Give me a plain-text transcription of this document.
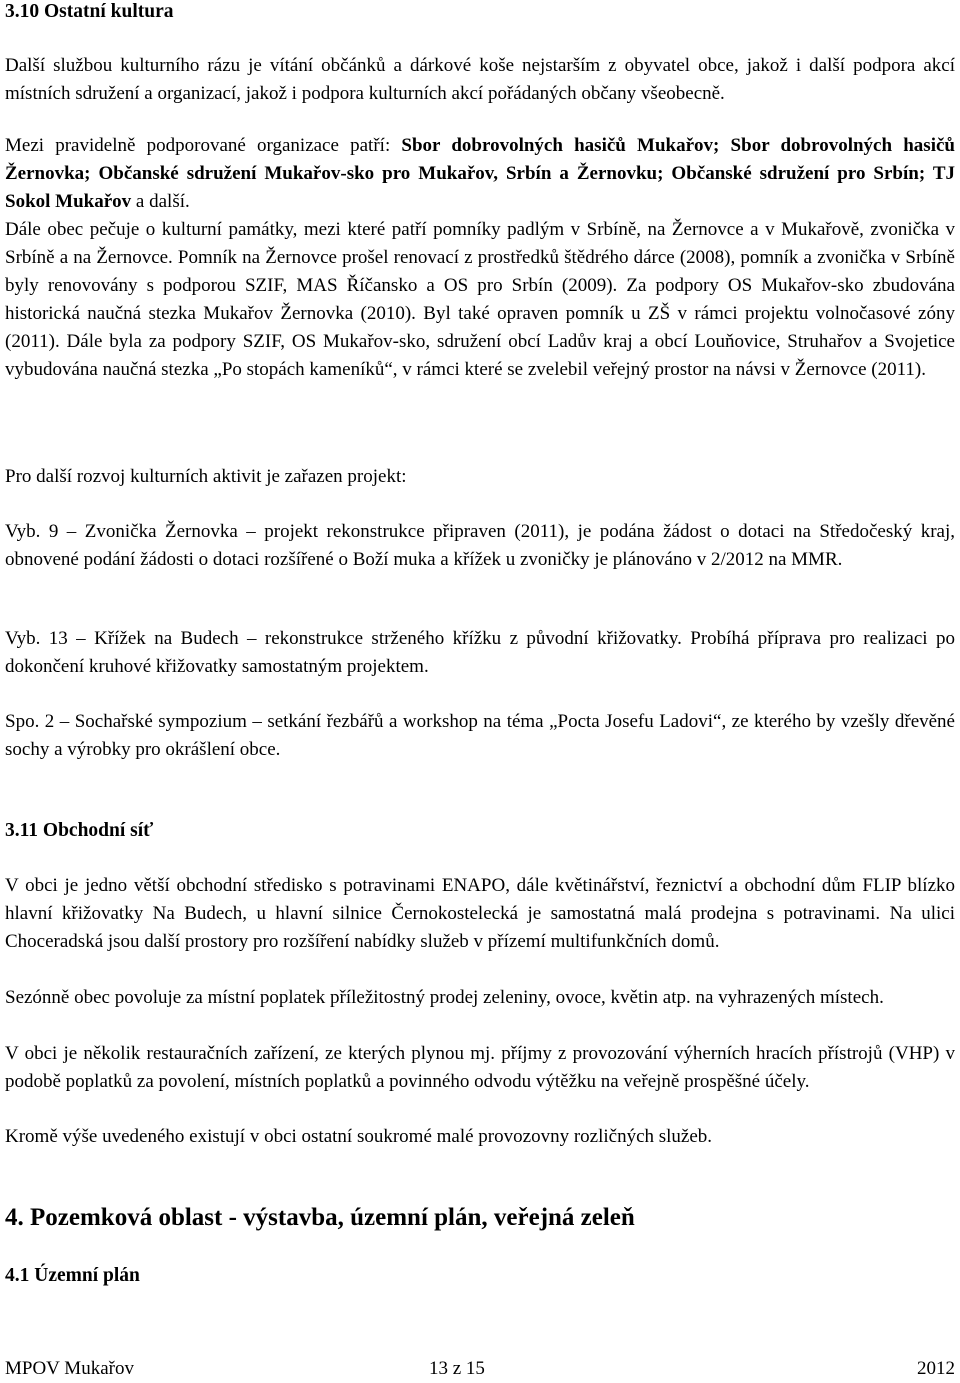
3.10 Ostatní kultura

Další službou kulturního rázu je vítání občánků a dárkové koše nejstarším z obyvatel obce, jakož i další podpora akcí místních sdružení a organizací, jakož i podpora kulturních akcí pořádaných občany všeobecně.

Mezi pravidelně podporované organizace patří: Sbor dobrovolných hasičů Mukařov; Sbor dobrovolných hasičů Žernovka; Občanské sdružení Mukařov-sko pro Mukařov, Srbín a Žernovku; Občanské sdružení pro Srbín; TJ Sokol Mukařov a další.

Dále obec pečuje o kulturní památky, mezi které patří pomníky padlým v Srbíně, na Žernovce a v Mukařově, zvonička v Srbíně a na Žernovce. Pomník na Žernovce prošel renovací z prostředků štědrého dárce (2008), pomník a zvonička v Srbíně byly renovovány s podporou SZIF, MAS Říčansko a OS pro Srbín (2009). Za podpory OS Mukařov-sko zbudována historická naučná stezka Mukařov Žernovka (2010). Byl také opraven pomník u ZŠ v rámci projektu volnočasové zóny (2011). Dále byla za podpory SZIF, OS Mukařov-sko, sdružení obcí Ladův kraj a obcí Louňovice, Struhařov a Svojetice vybudována naučná stezka „Po stopách kameníků“, v rámci které se zvelebil veřejný prostor na návsi v Žernovce (2011).

Pro další rozvoj kulturních aktivit je zařazen projekt:

Vyb. 9 – Zvonička Žernovka – projekt rekonstrukce připraven (2011), je podána žádost o dotaci na Středočeský kraj, obnovené podání žádosti o dotaci rozšířené o Boží muka a křížek u zvoničky je plánováno v 2/2012 na MMR.

Vyb. 13 – Křížek na Budech – rekonstrukce strženého křížku z původní křižovatky. Probíhá příprava pro realizaci po dokončení kruhové křižovatky samostatným projektem.

Spo. 2 – Sochařské sympozium – setkání řezbářů a workshop na téma „Pocta Josefu Ladovi“, ze kterého by vzešly dřevěné sochy a výrobky pro okrášlení obce.

3.11 Obchodní síť

V obci je jedno větší obchodní středisko s potravinami ENAPO, dále květinářství, řeznictví a obchodní dům FLIP blízko hlavní křižovatky Na Budech, u hlavní silnice Černokostelecká je samostatná malá prodejna s potravinami. Na ulici Choceradská jsou další prostory pro rozšíření nabídky služeb v přízemí multifunkčních domů.

Sezónně obec povoluje za místní poplatek příležitostný prodej zeleniny, ovoce, květin atp. na vyhrazených místech.

V obci je několik restauračních zařízení, ze kterých plynou mj. příjmy z provozování výherních hracích přístrojů (VHP) v podobě poplatků za povolení, místních poplatků a povinného odvodu výtěžku na veřejně prospěšné účely.

Kromě výše uvedeného existují v obci ostatní soukromé malé provozovny rozličných služeb.

4. Pozemková oblast - výstavba, územní plán, veřejná zeleň
4.1 Územní plán
MPOV Mukařov	13 z 15	2012
